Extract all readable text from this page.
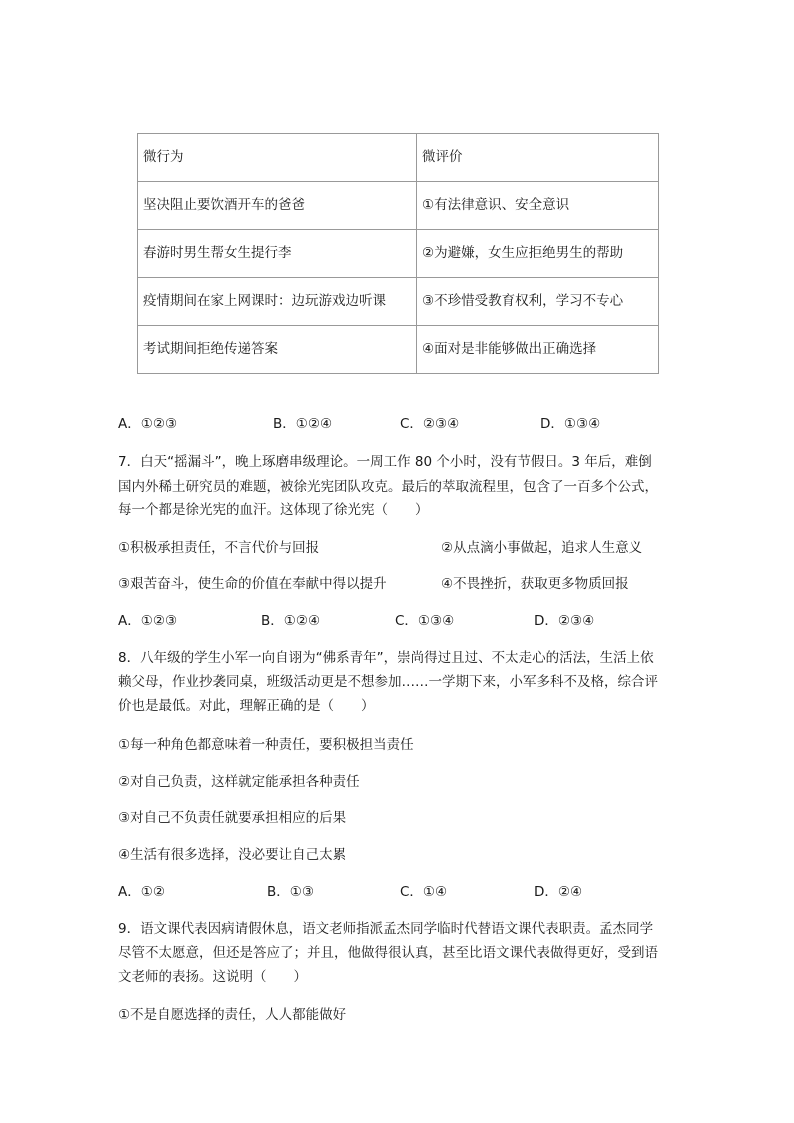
微行为	微评价
坚决阻止要饮酒开车的爸爸	①有法律意识、安全意识
春游时男生帮女生提行李	②为避嫌，女生应拒绝男生的帮助
疫情期间在家上网课时：边玩游戏边听课	③不珍惜受教育权利，学习不专心
考试期间拒绝传递答案	④面对是非能够做出正确选择
A．①②③	B．①②④	C．②③④	D．①③④
7．白天“摇漏斗”，晚上琢磨串级理论。一周工作 80 个小时，没有节假日。3 年后，难倒
国内外稀土研究员的难题，被徐光宪团队攻克。最后的萃取流程里，包含了一百多个公式，
每一个都是徐光宪的血汗。这体现了徐光宪（　　）
①积极承担责任，不言代价与回报	②从点滴小事做起，追求人生意义
③艰苦奋斗，使生命的价值在奉献中得以提升	④不畏挫折，获取更多物质回报
A．①②③	B．①②④	C．①③④	D．②③④
8．八年级的学生小军一向自诩为“佛系青年”，崇尚得过且过、不太走心的活法，生活上依
赖父母，作业抄袭同桌，班级活动更是不想参加……一学期下来，小军多科不及格，综合评
价也是最低。对此，理解正确的是（　　）
①每一种角色都意味着一种责任，要积极担当责任
②对自己负责，这样就定能承担各种责任
③对自己不负责任就要承担相应的后果
④生活有很多选择，没必要让自己太累
A．①②	B．①③	C．①④	D．②④
9．语文课代表因病请假休息，语文老师指派孟杰同学临时代替语文课代表职责。孟杰同学
尽管不太愿意，但还是答应了；并且，他做得很认真，甚至比语文课代表做得更好，受到语
文老师的表扬。这说明（　　）
①不是自愿选择的责任，人人都能做好
